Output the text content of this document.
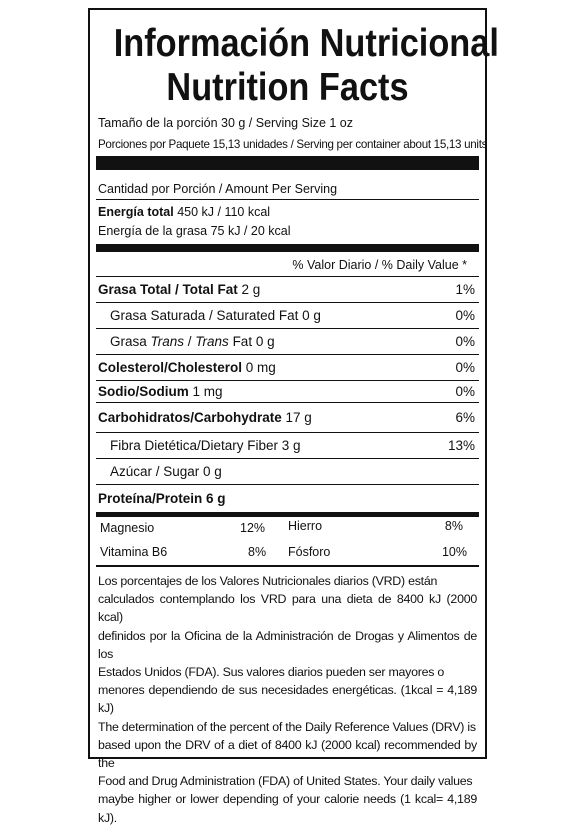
Información Nutricional
Nutrition Facts
Tamaño de la porción 30 g / Serving Size 1 oz
Porciones por Paquete 15,13 unidades / Serving per container about 15,13 units
Cantidad por Porción / Amount Per Serving
Energía total 450 kJ / 110 kcal
Energía de la grasa 75 kJ / 20 kcal
% Valor Diario / % Daily Value *
Grasa Total / Total Fat 2 g	1%
Grasa Saturada / Saturated Fat 0 g	0%
Grasa Trans / Trans Fat 0 g	0%
Colesterol/Cholesterol 0 mg	0%
Sodio/Sodium 1 mg	0%
Carbohidratos/Carbohydrate 17 g	6%
Fibra Dietética/Dietary Fiber 3 g	13%
Azúcar / Sugar 0 g
Proteína/Protein 6 g
Magnesio	12% Hierro	8%
Vitamina B6	8% Fósforo	10%
Los porcentajes de los Valores Nutricionales diarios (VRD) están
calculados contemplando los VRD para una dieta de 8400 kJ (2000 kcal)
definidos por la Oficina de la Administración de Drogas y Alimentos de los
Estados Unidos (FDA). Sus valores diarios pueden ser mayores o
menores dependiendo de sus necesidades energéticas. (1kcal = 4,189 kJ)
The determination of the percent of the Daily Reference Values (DRV) is
based upon the DRV of a diet of 8400 kJ (2000 kcal) recommended by the
Food and Drug Administration (FDA) of United States. Your daily values
maybe higher or lower depending of your calorie needs (1 kcal= 4,189 kJ).
